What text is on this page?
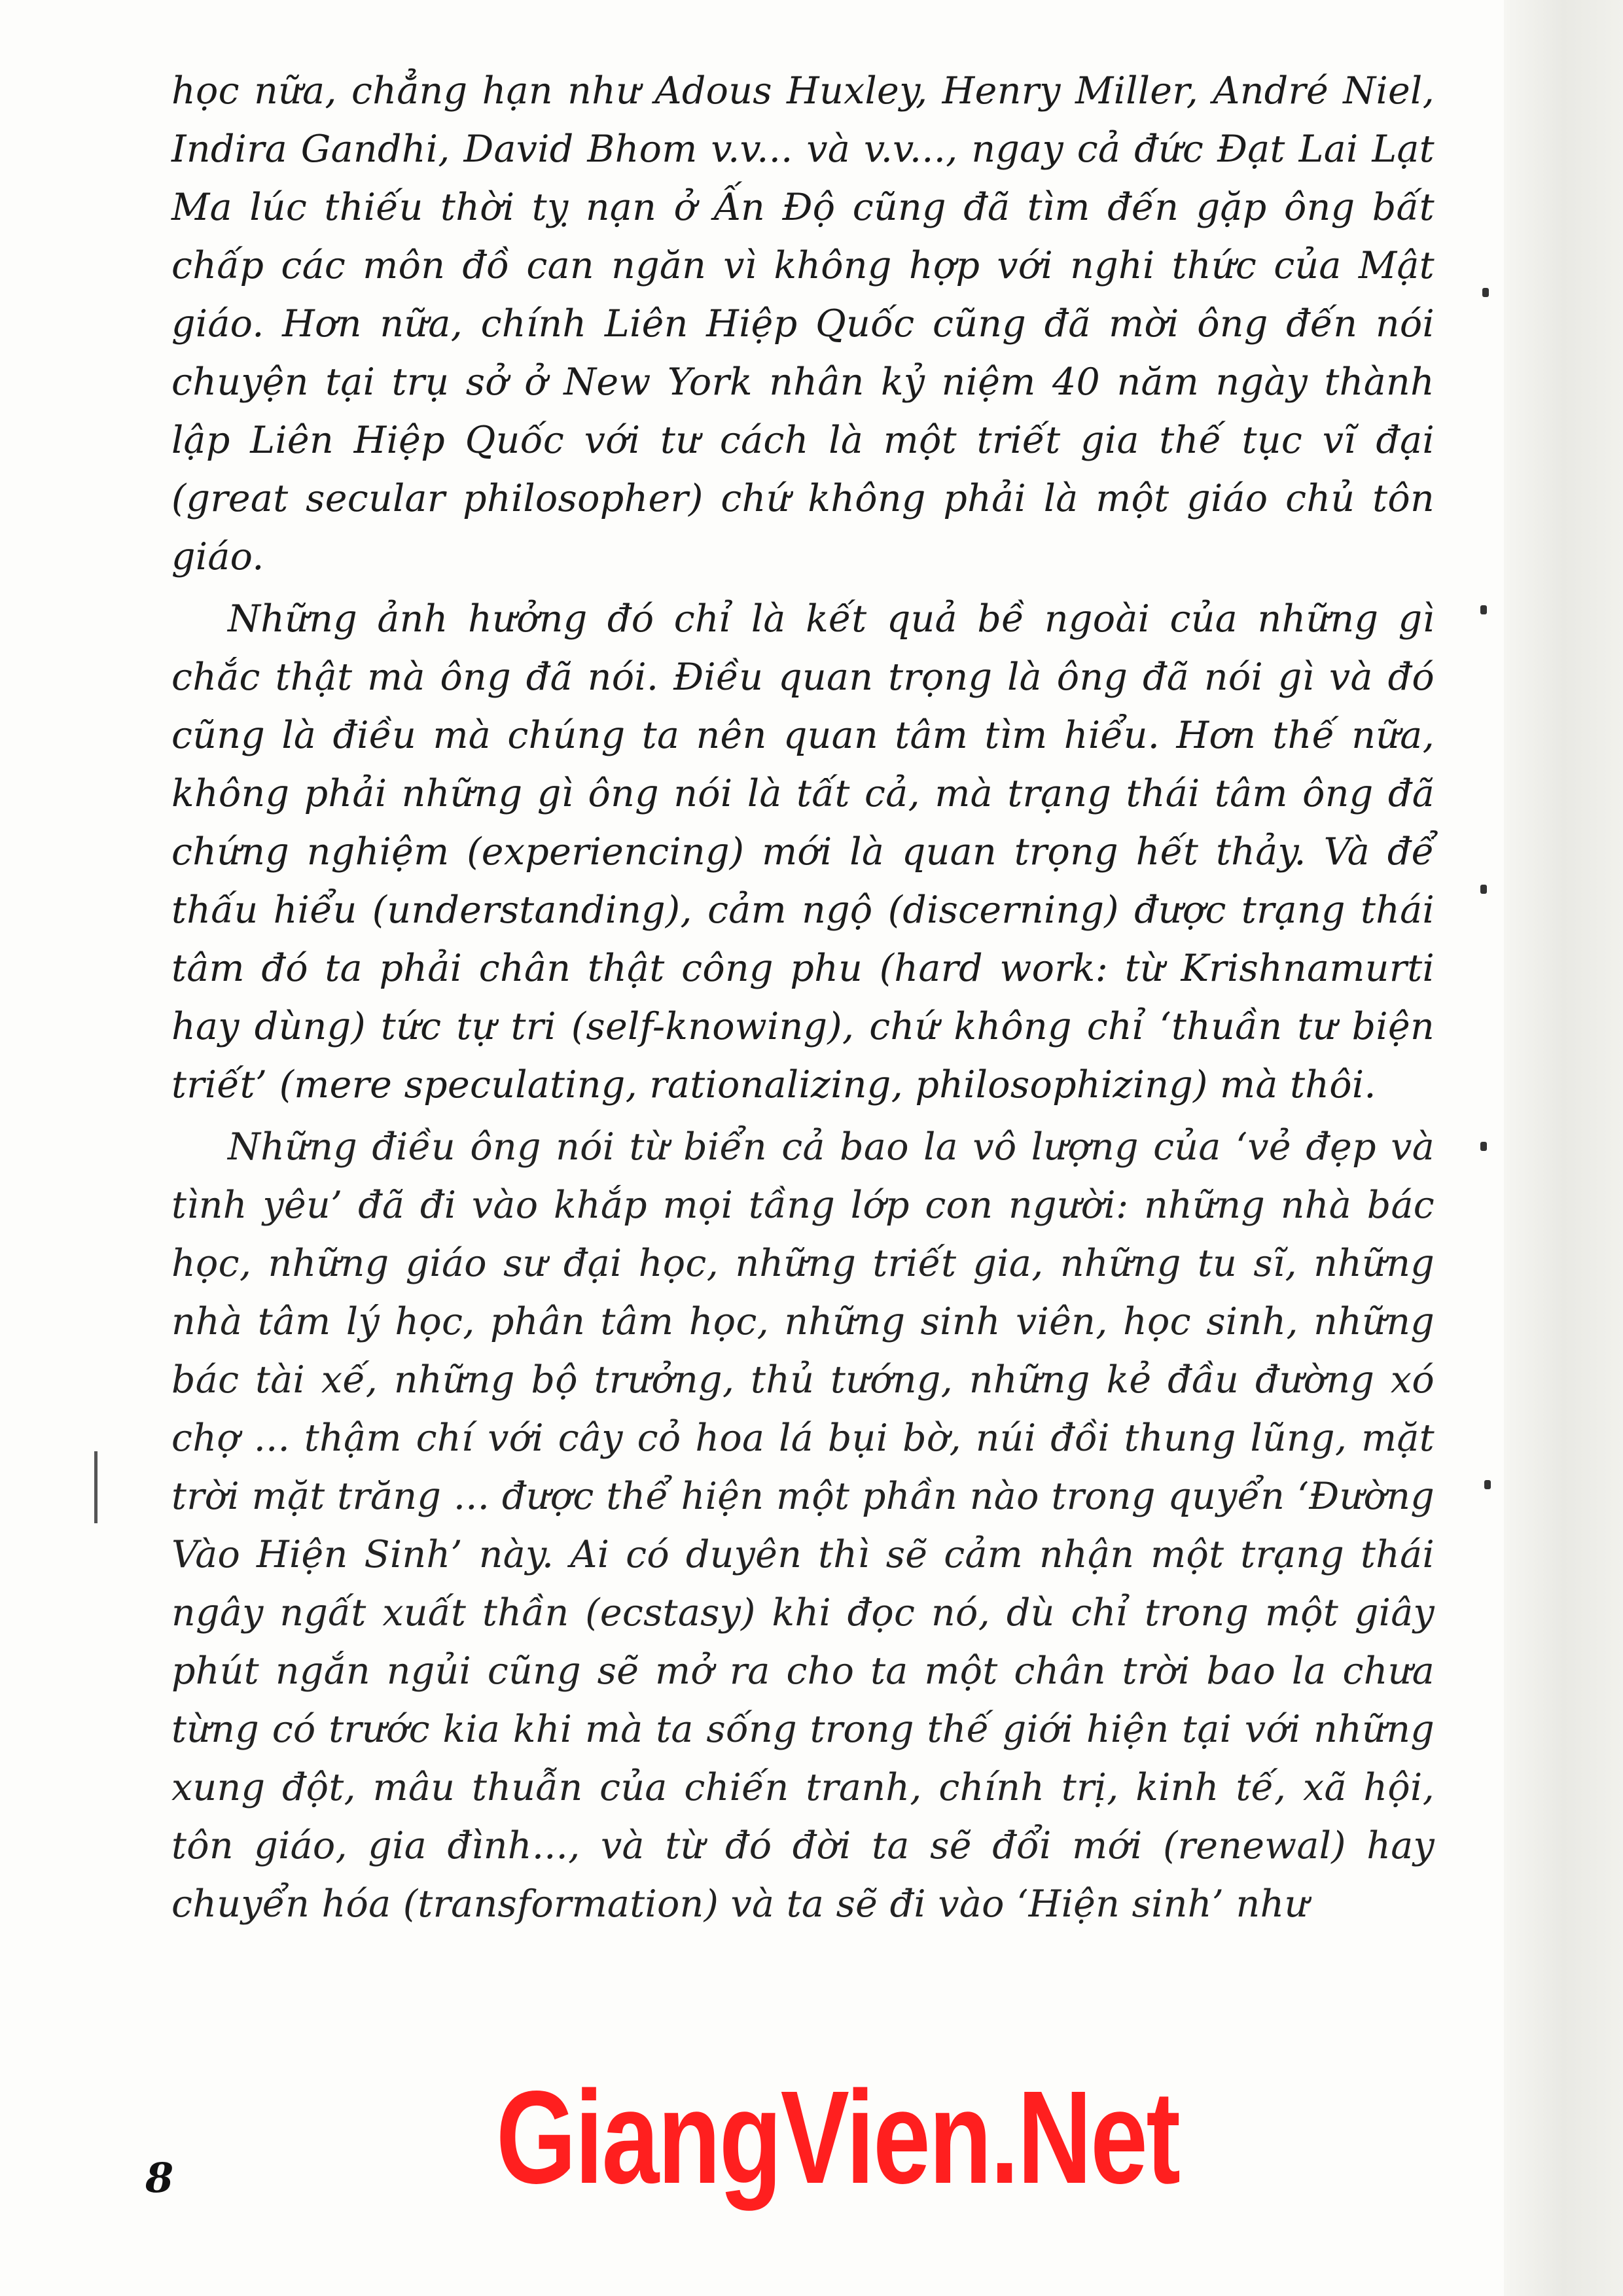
học nữa, chẳng hạn như Adous Huxley, Henry Miller, André Niel, Indira Gandhi, David Bhom v.v... và v.v..., ngay cả đức Đạt Lai Lạt Ma lúc thiếu thời tỵ nạn ở Ấn Độ cũng đã tìm đến gặp ông bất chấp các môn đồ can ngăn vì không hợp với nghi thức của Mật giáo. Hơn nữa, chính Liên Hiệp Quốc cũng đã mời ông đến nói chuyện tại trụ sở ở New York nhân kỷ niệm 40 năm ngày thành lập Liên Hiệp Quốc với tư cách là một triết gia thế tục vĩ đại (great secular philosopher) chứ không phải là một giáo chủ tôn giáo.

Những ảnh hưởng đó chỉ là kết quả bề ngoài của những gì chắc thật mà ông đã nói. Điều quan trọng là ông đã nói gì và đó cũng là điều mà chúng ta nên quan tâm tìm hiểu. Hơn thế nữa, không phải những gì ông nói là tất cả, mà trạng thái tâm ông đã chứng nghiệm (experiencing) mới là quan trọng hết thảy. Và để thấu hiểu (understanding), cảm ngộ (discerning) được trạng thái tâm đó ta phải chân thật công phu (hard work: từ Krishnamurti hay dùng) tức tự tri (self-knowing), chứ không chỉ ‘thuần tư biện triết’ (mere speculating, rationalizing, philosophizing) mà thôi.

Những điều ông nói từ biển cả bao la vô lượng của ‘vẻ đẹp và tình yêu’ đã đi vào khắp mọi tầng lớp con người: những nhà bác học, những giáo sư đại học, những triết gia, những tu sĩ, những nhà tâm lý học, phân tâm học, những sinh viên, học sinh, những bác tài xế, những bộ trưởng, thủ tướng, những kẻ đầu đường xó chợ ... thậm chí với cây cỏ hoa lá bụi bờ, núi đồi thung lũng, mặt trời mặt trăng ... được thể hiện một phần nào trong quyển ‘Đường Vào Hiện Sinh’ này. Ai có duyên thì sẽ cảm nhận một trạng thái ngây ngất xuất thần (ecstasy) khi đọc nó, dù chỉ trong một giây phút ngắn ngủi cũng sẽ mở ra cho ta một chân trời bao la chưa từng có trước kia khi mà ta sống trong thế giới hiện tại với những xung đột, mâu thuẫn của chiến tranh, chính trị, kinh tế, xã hội, tôn giáo, gia đình..., và từ đó đời ta sẽ đổi mới (renewal) hay chuyển hóa (transformation) và ta sẽ đi vào ‘Hiện sinh’ như

8 GiangVien.Net
